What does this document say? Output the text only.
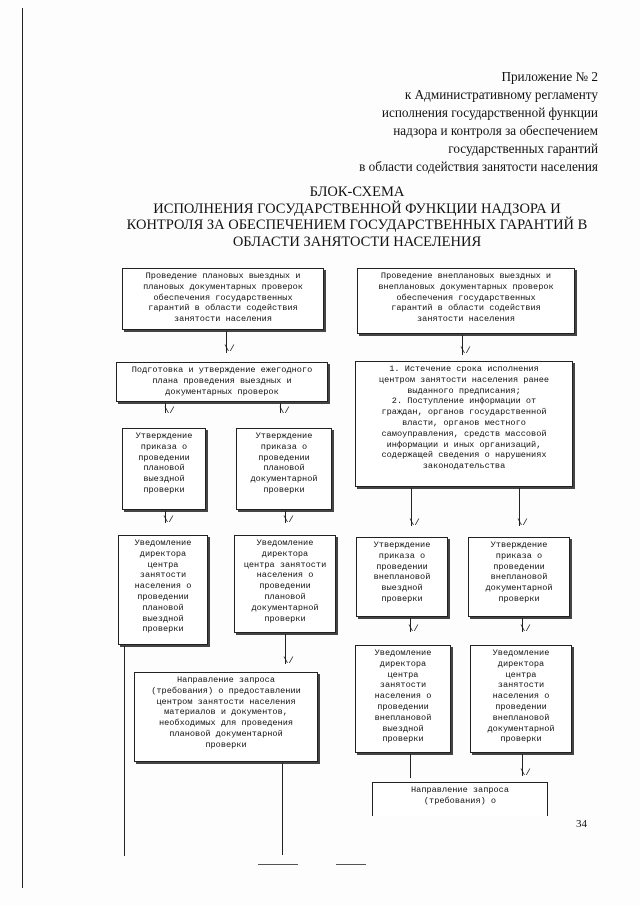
Приложение № 2
к Административному регламенту
исполнения государственной функции
надзора и контроля за обеспечением
государственных гарантий
в области содействия занятости населения
БЛОК-СХЕМА
ИСПОЛНЕНИЯ ГОСУДАРСТВЕННОЙ ФУНКЦИИ НАДЗОРА И
КОНТРОЛЯ ЗА ОБЕСПЕЧЕНИЕМ ГОСУДАРСТВЕННЫХ ГАРАНТИЙ В
ОБЛАСТИ ЗАНЯТОСТИ НАСЕЛЕНИЯ
Проведение плановых выездных и
плановых документарных проверок
обеспечения государственных
гарантий в области содействия
занятости населения
Проведение внеплановых выездных и
внеплановых документарных проверок
обеспечения государственных
гарантий в области содействия
занятости населения
\/	\/
Подготовка и утверждение ежегодного
плана проведения выездных и
документарных проверок
1. Истечение срока исполнения
центром занятости населения ранее
выданного предписания;
2. Поступление информации от
граждан, органов государственной
власти, органов местного
самоуправления, средств массовой
информации и иных организаций,
содержащей сведения о нарушениях
законодательства
\/	\/
Утверждение
приказа о
проведении
плановой
выездной
проверки
Утверждение
приказа о
проведении
плановой
документарной
проверки
\/	\/	\/	\/
Уведомление
директора
центра
занятости
населения о
проведении
плановой
выездной
проверки
Уведомление
директора
центра занятости
населения о
проведении
плановой
документарной
проверки
Утверждение
приказа о
проведении
внеплановой
выездной
проверки
Утверждение
приказа о
проведении
внеплановой
документарной
проверки
\/	\/
Уведомление
директора
центра
занятости
населения о
проведении
внеплановой
выездной
проверки
Уведомление
директора
центра
занятости
населения о
проведении
внеплановой
документарной
проверки
\/
Направление запроса
(требования) о предоставлении
центром занятости населения
материалов и документов,
необходимых для проведения
плановой документарной
проверки
\/
Направление запроса
(требования) о
34
